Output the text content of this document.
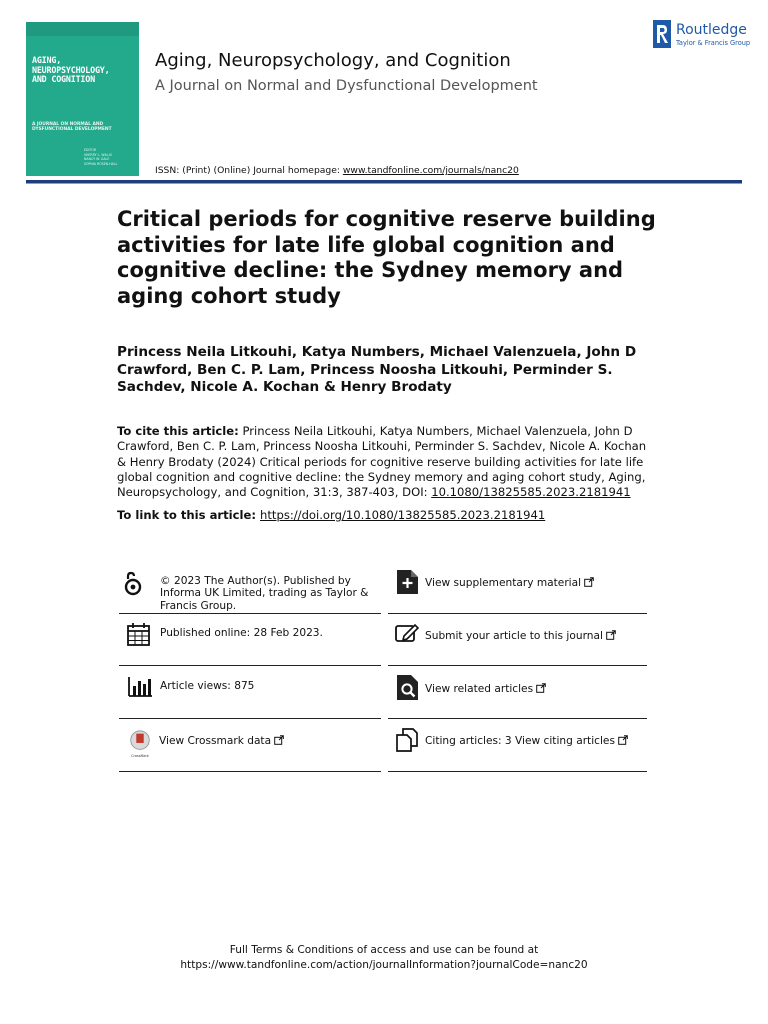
AGING,
NEUROPSYCHOLOGY,
AND COGNITION
A JOURNAL ON NORMAL AND DYSFUNCTIONAL DEVELOPMENT
EDITOR
SHERRY L. WILLIS
NANCY W. GALE
SOPHIA ROSEN-HALL
Aging, Neuropsychology, and Cognition
A Journal on Normal and Dysfunctional Development
ISSN: (Print) (Online) Journal homepage: www.tandfonline.com/journals/nanc20
Routledge
Taylor & Francis Group
Critical periods for cognitive reserve building activities for late life global cognition and cognitive decline: the Sydney memory and aging cohort study
Princess Neila Litkouhi, Katya Numbers, Michael Valenzuela, John D Crawford, Ben C. P. Lam, Princess Noosha Litkouhi, Perminder S. Sachdev, Nicole A. Kochan & Henry Brodaty
To cite this article: Princess Neila Litkouhi, Katya Numbers, Michael Valenzuela, John D Crawford, Ben C. P. Lam, Princess Noosha Litkouhi, Perminder S. Sachdev, Nicole A. Kochan & Henry Brodaty (2024) Critical periods for cognitive reserve building activities for late life global cognition and cognitive decline: the Sydney memory and aging cohort study, Aging, Neuropsychology, and Cognition, 31:3, 387-403, DOI: 10.1080/13825585.2023.2181941
To link to this article: https://doi.org/10.1080/13825585.2023.2181941
© 2023 The Author(s). Published by Informa UK Limited, trading as Taylor & Francis Group.
Published online: 28 Feb 2023.
Article views: 875
CrossMark
View Crossmark data
View supplementary material
Submit your article to this journal
View related articles
Citing articles: 3 View citing articles
Full Terms & Conditions of access and use can be found at
https://www.tandfonline.com/action/journalInformation?journalCode=nanc20
